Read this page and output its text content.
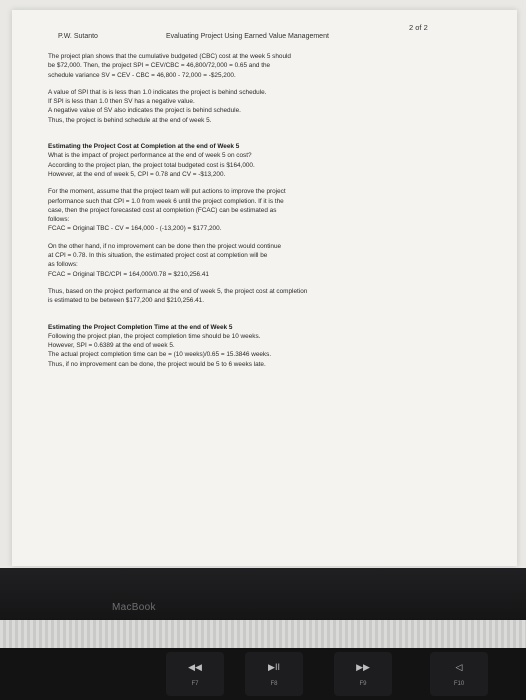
P.W. Sutanto	Evaluating Project Using Earned Value Management
2 of 2
The project plan shows that the cumulative budgeted (CBC) cost at the week 5 should
be $72,000. Then, the project SPI = CEV/CBC = 46,800/72,000 = 0.65 and the
schedule variance SV = CEV - CBC = 46,800 - 72,000 = -$25,200.
A value of SPI that is is less than 1.0 indicates the project is behind schedule.
If SPI is less than 1.0 then SV has a negative value.
A negative value of SV also indicates the project is behind schedule.
Thus, the project is behind schedule at the end of week 5.
Estimating the Project Cost at Completion at the end of Week 5
What is the impact of project performance at the end of week 5 on cost?
According to the project plan, the project total budgeted cost is $164,000.
However, at the end of week 5, CPI = 0.78 and CV = -$13,200.
For the moment, assume that the project team will put actions to improve the project
performance such that CPI = 1.0 from week 6 until the project completion. If it is the
case, then the project forecasted cost at completion (FCAC) can be estimated as
follows:
FCAC = Original TBC - CV = 164,000 - (-13,200) = $177,200.
On the other hand, if no improvement can be done then the project would continue
at CPI = 0.78. In this situation, the estimated project cost at completion will be
as follows:
FCAC = Original TBC/CPI = 164,000/0.78 = $210,256.41
Thus, based on the project performance at the end of week 5, the project cost at completion
is estimated to be between $177,200 and $210,256.41.
Estimating the Project Completion Time at the end of Week 5
Following the project plan, the project completion time should be 10 weeks.
However, SPI = 0.6389 at the end of week 5.
The actual project completion time can be = (10 weeks)/0.65 = 15.3846 weeks.
Thus, if no improvement can be done, the project would be 5 to 6 weeks late.
MacBook
◀◀
F7
▶II
F8
▶▶
F9
◁
F10
